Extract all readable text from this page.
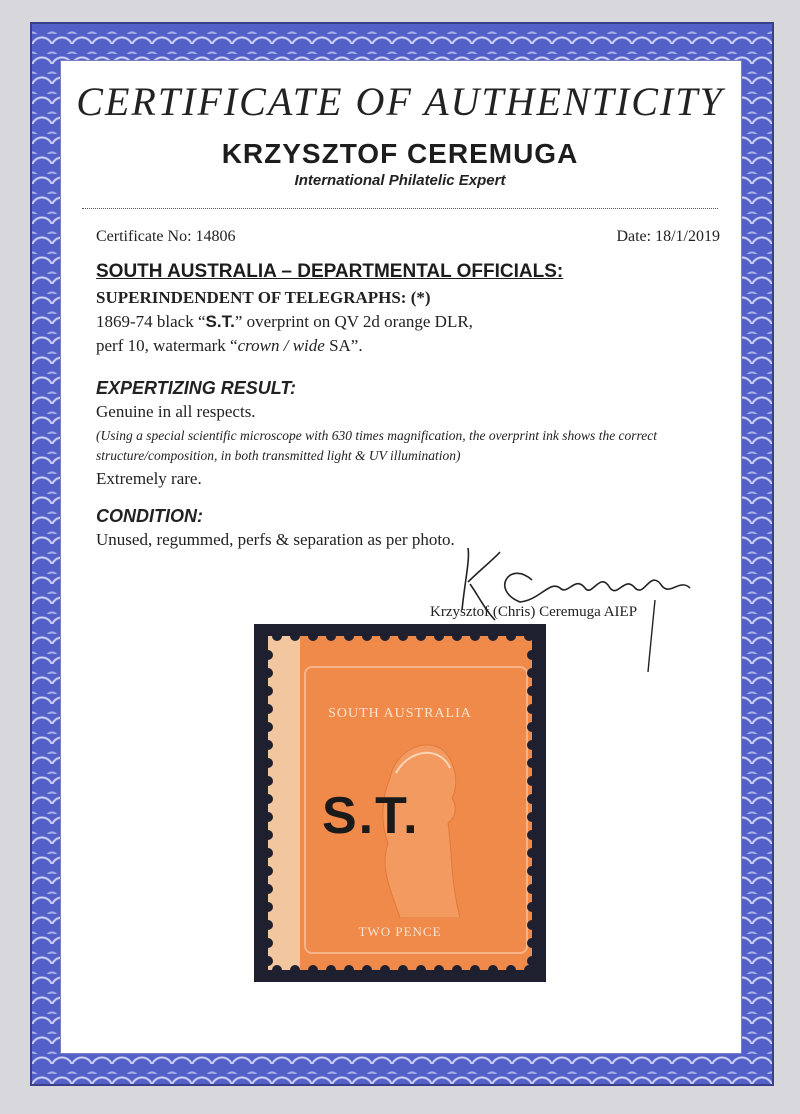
CERTIFICATE OF AUTHENTICITY
KRZYSZTOF CEREMUGA
International Philatelic Expert
Certificate No: 14806	Date: 18/1/2019
SOUTH AUSTRALIA – DEPARTMENTAL OFFICIALS:
SUPERINDENDENT OF TELEGRAPHS: (*)
1869-74 black “S.T.” overprint on QV 2d orange DLR,
perf 10, watermark “crown / wide SA”.
EXPERTIZING RESULT:
Genuine in all respects.
(Using a special scientific microscope with 630 times magnification, the overprint ink shows the correct structure/composition, in both transmitted light & UV illumination)
Extremely rare.
CONDITION:
Unused, regummed, perfs & separation as per photo.
Krzysztof (Chris) Ceremuga AIEP
SOUTH AUSTRALIA
S.T.
TWO PENCE
